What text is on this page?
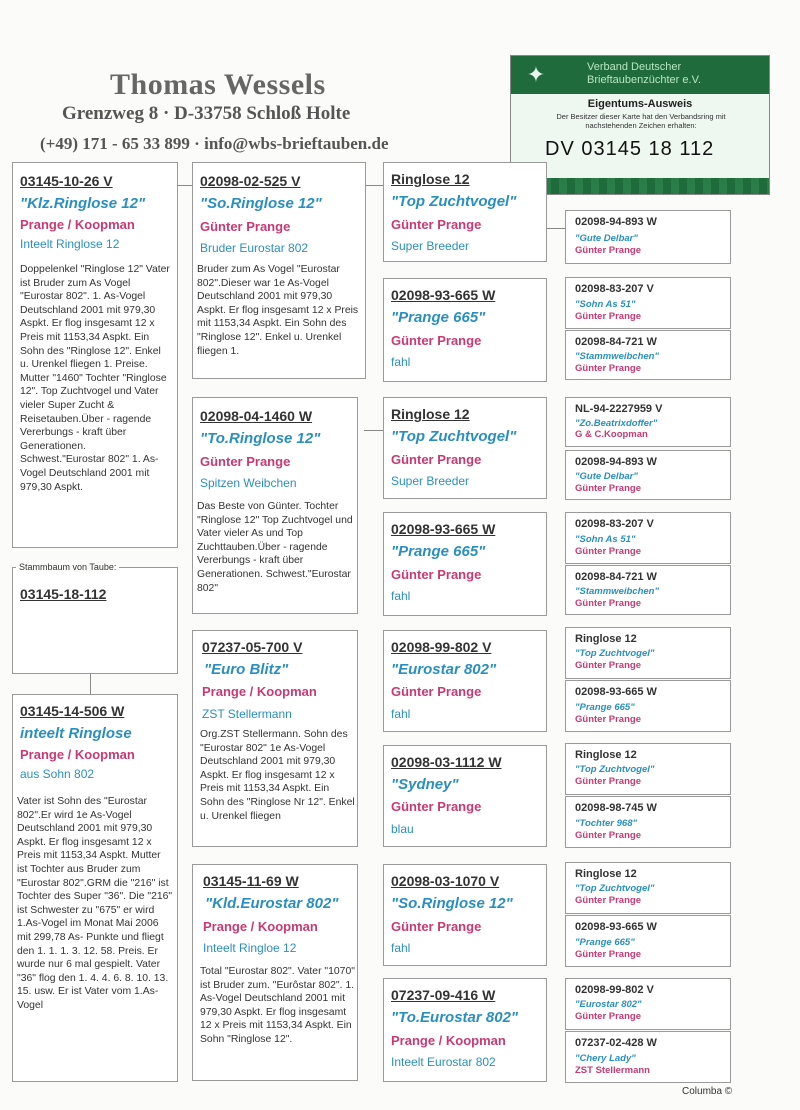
Thomas Wessels
Grenzweg 8 · D-33758 Schloß Holte
(+49) 171 - 65 33 899 · info@wbs-brieftauben.de
✦	Verband Deutscher Brieftaubenzüchter e.V.
Eigentums-Ausweis
Der Besitzer dieser Karte hat den Verbandsring mit nachstehenden Zeichen erhalten:
DV 03145 18 112
03145-18-112
Stammbaum von Taube:
03145-10-26 V
"Klz.Ringlose 12"
Prange / Koopman
Inteelt Ringlose 12
Doppelenkel "Ringlose 12" Vater ist Bruder zum As Vogel "Eurostar 802". 1. As-Vogel Deutschland 2001 mit 979,30 Aspkt. Er flog insgesamt 12 x Preis mit 1153,34 Aspkt. Ein Sohn des "Ringlose 12". Enkel u. Urenkel fliegen 1. Preise. Mutter "1460" Tochter "Ringlose 12". Top Zuchtvogel und Vater vieler Super Zucht & Reisetauben.Über - ragende Vererbungs - kraft über Generationen. Schwest."Eurostar 802" 1. As-Vogel Deutschland 2001 mit 979,30 Aspkt.
03145-14-506 W
inteelt Ringlose
Prange / Koopman
aus Sohn 802
Vater ist Sohn des "Eurostar 802".Er wird 1e As-Vogel Deutschland 2001 mit 979,30 Aspkt. Er flog insgesamt 12 x Preis mit 1153,34 Aspkt. Mutter ist Tochter aus Bruder zum "Eurostar 802".GRM die "216" ist Tochter des Super "36". Die "216" ist Schwester zu "675" er wird 1.As-Vogel im Monat Mai 2006 mit 299,78 As- Punkte und fliegt den 1. 1. 1. 3. 12. 58. Preis. Er wurde nur 6 mal gespielt. Vater "36" flog den 1. 4. 4. 6. 8. 10. 13. 15. usw. Er ist Vater vom 1.As-Vogel
02098-02-525 V
"So.Ringlose 12"
Günter Prange
Bruder Eurostar 802
Bruder zum As Vogel "Eurostar 802".Dieser war 1e As-Vogel Deutschland 2001 mit 979,30 Aspkt. Er flog insgesamt 12 x Preis mit 1153,34 Aspkt. Ein Sohn des "Ringlose 12". Enkel u. Urenkel fliegen 1.
02098-04-1460 W
"To.Ringlose 12"
Günter Prange
Spitzen Weibchen
Das Beste von Günter. Tochter "Ringlose 12" Top Zuchtvogel und Vater vieler As und Top Zuchttauben.Über - ragende Vererbungs - kraft über Generationen. Schwest."Eurostar 802"
07237-05-700 V
"Euro Blitz"
Prange / Koopman
ZST Stellermann
Org.ZST Stellermann. Sohn des "Eurostar 802" 1e As-Vogel Deutschland 2001 mit 979,30 Aspkt. Er flog insgesamt 12 x Preis mit 1153,34 Aspkt. Ein Sohn des "Ringlose Nr 12". Enkel u. Urenkel fliegen
03145-11-69 W
"Kld.Eurostar 802"
Prange / Koopman
Inteelt Ringloe 12
Total "Eurostar 802". Vater "1070" ist Bruder zum. "Eurôstar 802". 1. As-Vogel Deutschland 2001 mit 979,30 Aspkt. Er flog insgesamt 12 x Preis mit 1153,34 Aspkt. Ein Sohn "Ringlose 12".
Ringlose 12
"Top Zuchtvogel"
Günter Prange
Super Breeder
02098-93-665 W
"Prange 665"
Günter Prange
fahl
Ringlose 12
"Top Zuchtvogel"
Günter Prange
Super Breeder
02098-93-665 W
"Prange 665"
Günter Prange
fahl
02098-99-802 V
"Eurostar 802"
Günter Prange
fahl
02098-03-1112 W
"Sydney"
Günter Prange
blau
02098-03-1070 V
"So.Ringlose 12"
Günter Prange
fahl
07237-09-416 W
"To.Eurostar 802"
Prange / Koopman
Inteelt Eurostar 802
02098-94-893 W
"Gute Delbar"
Günter Prange
02098-83-207 V
"Sohn As 51"
Günter Prange
02098-84-721 W
"Stammweibchen"
Günter Prange
NL-94-2227959 V
"Zo.Beatrixdoffer"
G & C.Koopman
02098-94-893 W
"Gute Delbar"
Günter Prange
02098-83-207 V
"Sohn As 51"
Günter Prange
02098-84-721 W
"Stammweibchen"
Günter Prange
Ringlose 12
"Top Zuchtvogel"
Günter Prange
02098-93-665 W
"Prange 665"
Günter Prange
Ringlose 12
"Top Zuchtvogel"
Günter Prange
02098-98-745 W
"Tochter 968"
Günter Prange
Ringlose 12
"Top Zuchtvogel"
Günter Prange
02098-93-665 W
"Prange 665"
Günter Prange
02098-99-802 V
"Eurostar 802"
Günter Prange
07237-02-428 W
"Chery Lady"
ZST Stellermann
Columba ©
